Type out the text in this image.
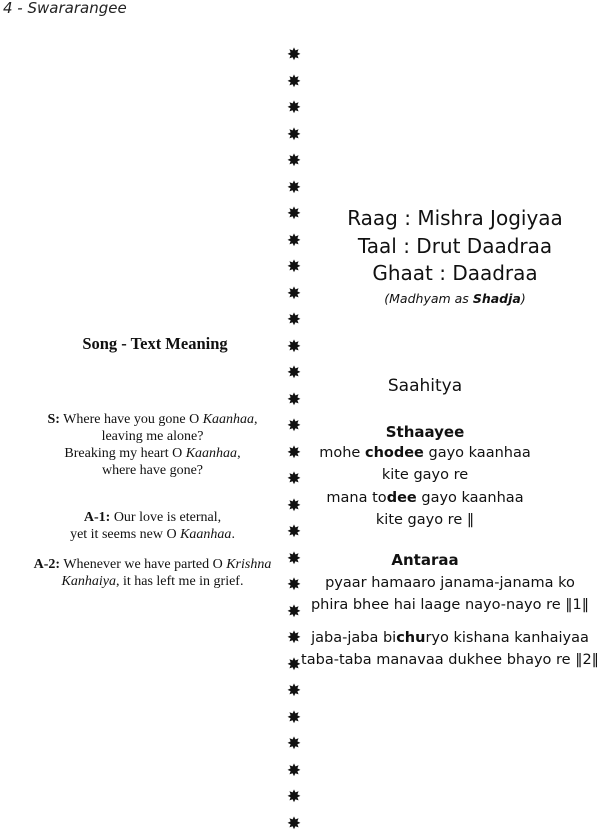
4 - Swararangee
✸
✸
✸
✸
✸
✸
✸
✸
✸
✸
✸
✸
✸
✸
✸
✸
✸
✸
✸
✸
✸
✸
✸
✸
✸
✸
✸
✸
✸
✸
Raag : Mishra Jogiyaa
Taal : Drut Daadraa
Ghaat : Daadraa
(Madhyam as Shadja)
Song - Text Meaning
S: Where have you gone O Kaanhaa,
leaving me alone?
Breaking my heart O Kaanhaa,
where have gone?
A-1: Our love is eternal,
yet it seems new O Kaanhaa.
A-2: Whenever we have parted O Krishna
Kanhaiya, it has left me in grief.
Saahitya
Sthaayee
mohe chodee gayo kaanhaa
kite gayo re
mana todee gayo kaanhaa
kite gayo re ‖
Antaraa
pyaar hamaaro janama-janama ko
phira bhee hai laage nayo-nayo re ‖1‖
jaba-jaba bichuryo kishana kanhaiyaa
taba-taba manavaa dukhee bhayo re ‖2‖
